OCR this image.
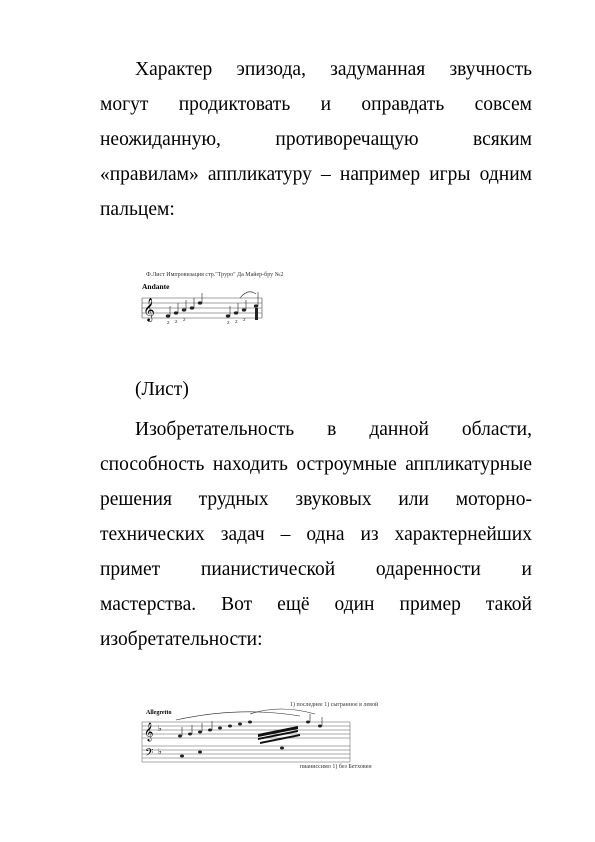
Характер эпизода, задуманная звучность
могут продиктовать и оправдать совсем
неожиданную, противоречащую всяким
«правилам» аппликатуру – например игры одним
пальцем:
Ф.Лист Импровизация стр."Труро" Да Майер-бру №2
Andante
𝄞
2 2 2
2 2 2
(Лист)
Изобретательность в данной области,
способность находить остроумные аппликатурные
решения трудных звуковых или моторно-
технических задач – одна из характернейших
примет пианистической одаренности и
мастерства. Вот ещё один пример такой
изобретательности:
Allegretto
1) последнее 1) сыгранное в левой
пианиссимо 1) без Бетховен
𝄞
𝄢
♭
♭
